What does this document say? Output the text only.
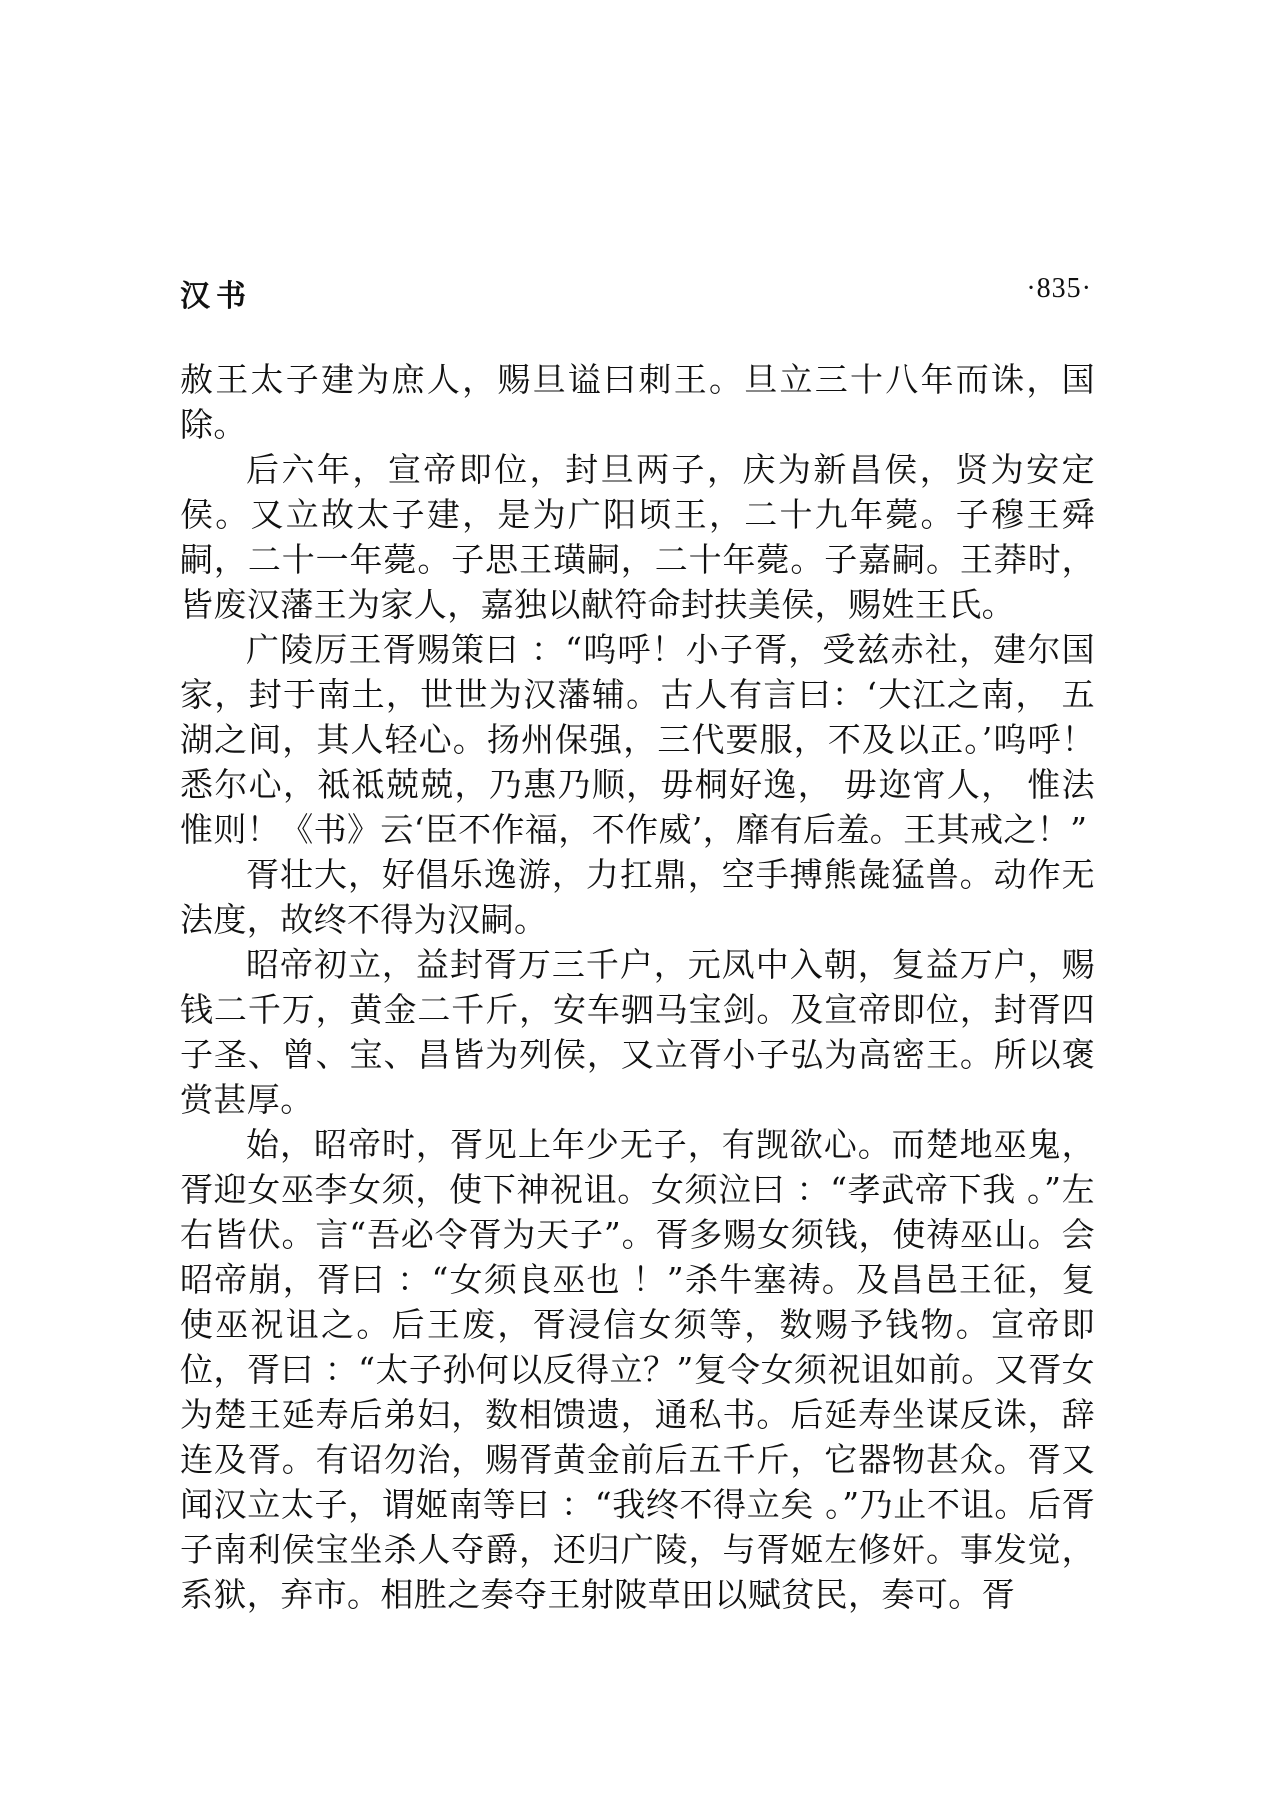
汉书	·835·

赦王太子建为庶人，赐旦谥曰刺王。旦立三十八年而诛，国除。

后六年，宣帝即位，封旦两子，庆为新昌侯，贤为安定侯。又立故太子建，是为广阳顷王，二十九年薨。子穆王舜嗣，二十一年薨。子思王璜嗣，二十年薨。子嘉嗣。王莽时，皆废汉藩王为家人，嘉独以献符命封扶美侯，赐姓王氏。

广陵厉王胥赐策曰 ：“呜呼！小子胥，受兹赤社，建尔国家，封于南土，世世为汉藩辅。古人有言曰：‘大江之南， 五湖之间，其人轻心。扬州保强，三代要服，不及以正。’呜呼！悉尔心，祗祗兢兢，乃惠乃顺，毋桐好逸， 毋迩宵人， 惟法惟则！《书》云‘臣不作福，不作威’，靡有后羞。王其戒之！”

胥壮大，好倡乐逸游，力扛鼎，空手搏熊彘猛兽。动作无法度，故终不得为汉嗣。

昭帝初立，益封胥万三千户，元凤中入朝，复益万户，赐钱二千万，黄金二千斤，安车驷马宝剑。及宣帝即位，封胥四子圣、曾、宝、昌皆为列侯，又立胥小子弘为高密王。所以褒赏甚厚。

始，昭帝时，胥见上年少无子，有觊欲心。而楚地巫鬼，胥迎女巫李女须，使下神祝诅。女须泣曰 ：“孝武帝下我 。”左右皆伏。言“吾必令胥为天子”。胥多赐女须钱，使祷巫山。会昭帝崩，胥曰 ：“女须良巫也 ！”杀牛塞祷。及昌邑王征，复使巫祝诅之。后王废，胥浸信女须等，数赐予钱物。宣帝即位，胥曰 ：“太子孙何以反得立？”复令女须祝诅如前。又胥女为楚王延寿后弟妇，数相馈遗，通私书。后延寿坐谋反诛，辞连及胥。有诏勿治，赐胥黄金前后五千斤，它器物甚众。胥又闻汉立太子，谓姬南等曰 ：“我终不得立矣 。”乃止不诅。后胥子南利侯宝坐杀人夺爵，还归广陵，与胥姬左修奸。事发觉，系狱，弃市。相胜之奏夺王射陂草田以赋贫民，奏可。胥
